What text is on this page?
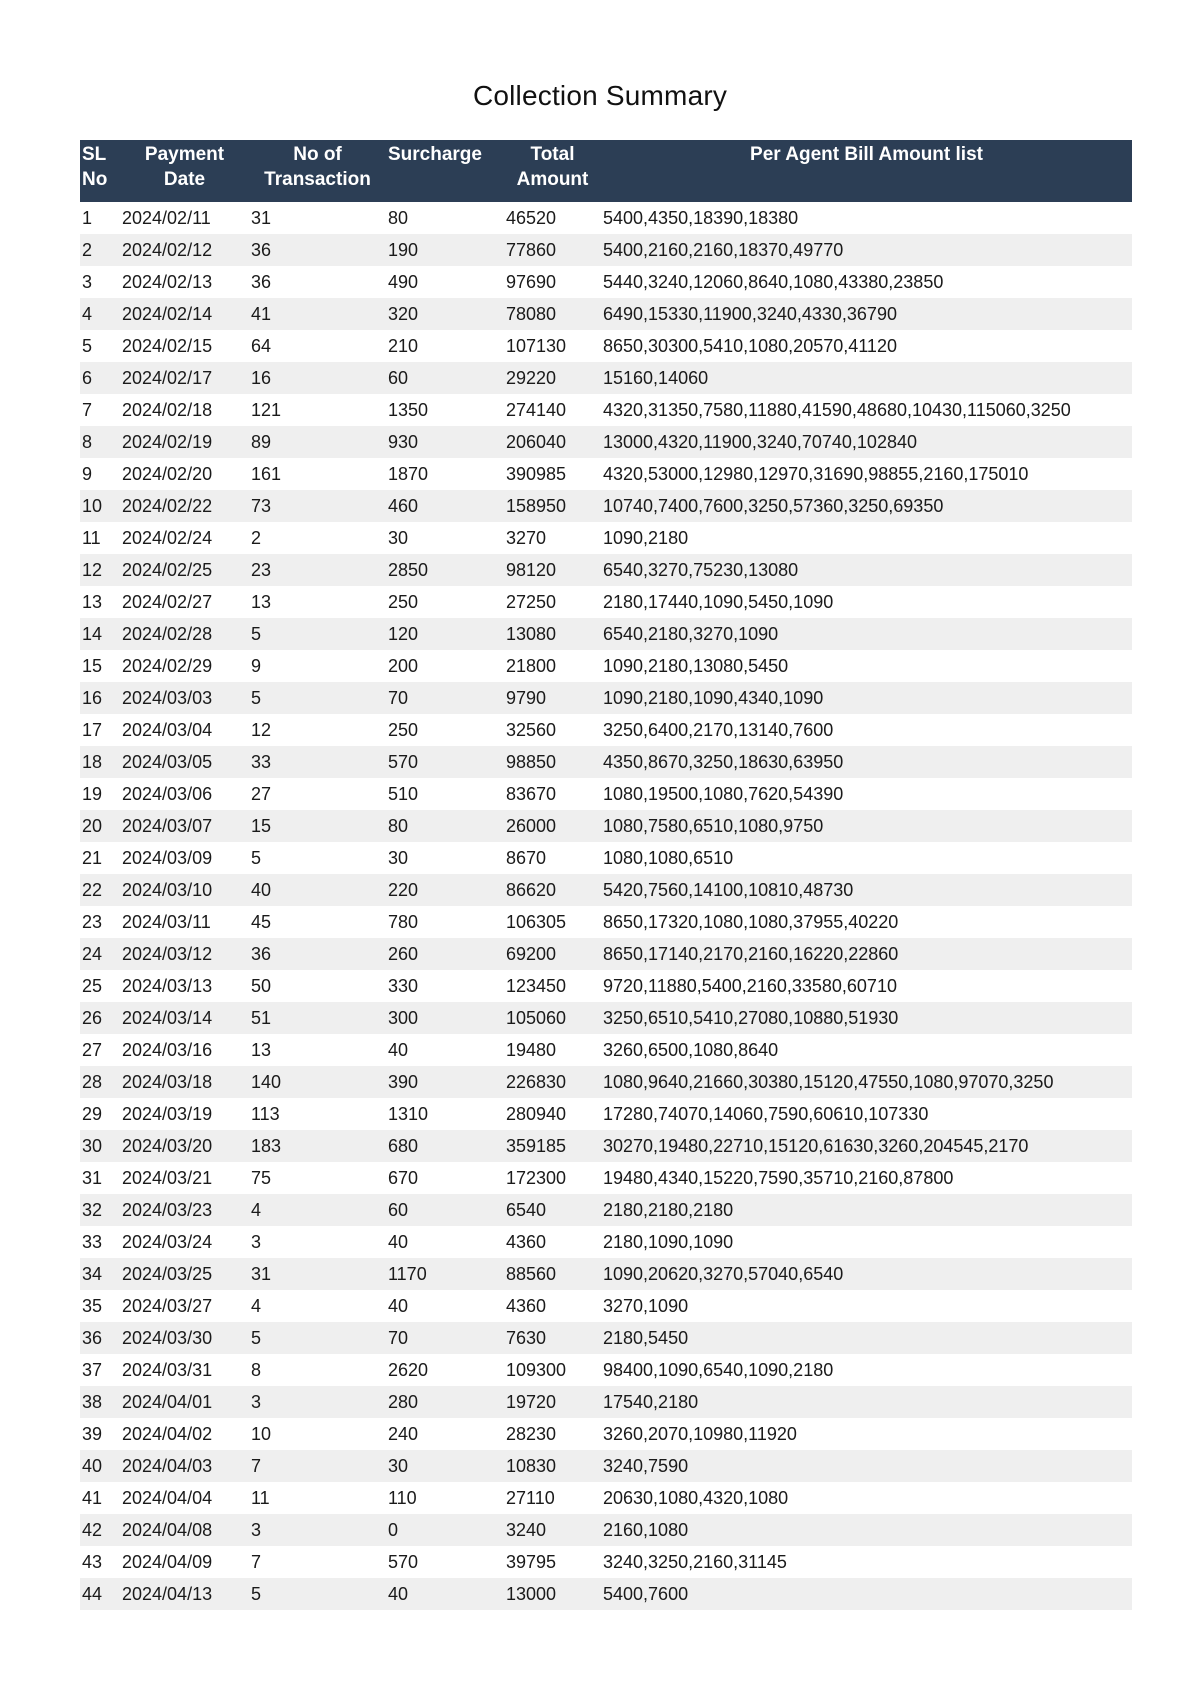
Collection Summary
SL No	Payment Date	No of Transaction	Surcharge	Total Amount	Per Agent Bill Amount list
1	2024/02/11	31	80	46520	5400,4350,18390,18380
2	2024/02/12	36	190	77860	5400,2160,2160,18370,49770
3	2024/02/13	36	490	97690	5440,3240,12060,8640,1080,43380,23850
4	2024/02/14	41	320	78080	6490,15330,11900,3240,4330,36790
5	2024/02/15	64	210	107130	8650,30300,5410,1080,20570,41120
6	2024/02/17	16	60	29220	15160,14060
7	2024/02/18	121	1350	274140	4320,31350,7580,11880,41590,48680,10430,115060,3250
8	2024/02/19	89	930	206040	13000,4320,11900,3240,70740,102840
9	2024/02/20	161	1870	390985	4320,53000,12980,12970,31690,98855,2160,175010
10	2024/02/22	73	460	158950	10740,7400,7600,3250,57360,3250,69350
11	2024/02/24	2	30	3270	1090,2180
12	2024/02/25	23	2850	98120	6540,3270,75230,13080
13	2024/02/27	13	250	27250	2180,17440,1090,5450,1090
14	2024/02/28	5	120	13080	6540,2180,3270,1090
15	2024/02/29	9	200	21800	1090,2180,13080,5450
16	2024/03/03	5	70	9790	1090,2180,1090,4340,1090
17	2024/03/04	12	250	32560	3250,6400,2170,13140,7600
18	2024/03/05	33	570	98850	4350,8670,3250,18630,63950
19	2024/03/06	27	510	83670	1080,19500,1080,7620,54390
20	2024/03/07	15	80	26000	1080,7580,6510,1080,9750
21	2024/03/09	5	30	8670	1080,1080,6510
22	2024/03/10	40	220	86620	5420,7560,14100,10810,48730
23	2024/03/11	45	780	106305	8650,17320,1080,1080,37955,40220
24	2024/03/12	36	260	69200	8650,17140,2170,2160,16220,22860
25	2024/03/13	50	330	123450	9720,11880,5400,2160,33580,60710
26	2024/03/14	51	300	105060	3250,6510,5410,27080,10880,51930
27	2024/03/16	13	40	19480	3260,6500,1080,8640
28	2024/03/18	140	390	226830	1080,9640,21660,30380,15120,47550,1080,97070,3250
29	2024/03/19	113	1310	280940	17280,74070,14060,7590,60610,107330
30	2024/03/20	183	680	359185	30270,19480,22710,15120,61630,3260,204545,2170
31	2024/03/21	75	670	172300	19480,4340,15220,7590,35710,2160,87800
32	2024/03/23	4	60	6540	2180,2180,2180
33	2024/03/24	3	40	4360	2180,1090,1090
34	2024/03/25	31	1170	88560	1090,20620,3270,57040,6540
35	2024/03/27	4	40	4360	3270,1090
36	2024/03/30	5	70	7630	2180,5450
37	2024/03/31	8	2620	109300	98400,1090,6540,1090,2180
38	2024/04/01	3	280	19720	17540,2180
39	2024/04/02	10	240	28230	3260,2070,10980,11920
40	2024/04/03	7	30	10830	3240,7590
41	2024/04/04	11	110	27110	20630,1080,4320,1080
42	2024/04/08	3	0	3240	2160,1080
43	2024/04/09	7	570	39795	3240,3250,2160,31145
44	2024/04/13	5	40	13000	5400,7600
